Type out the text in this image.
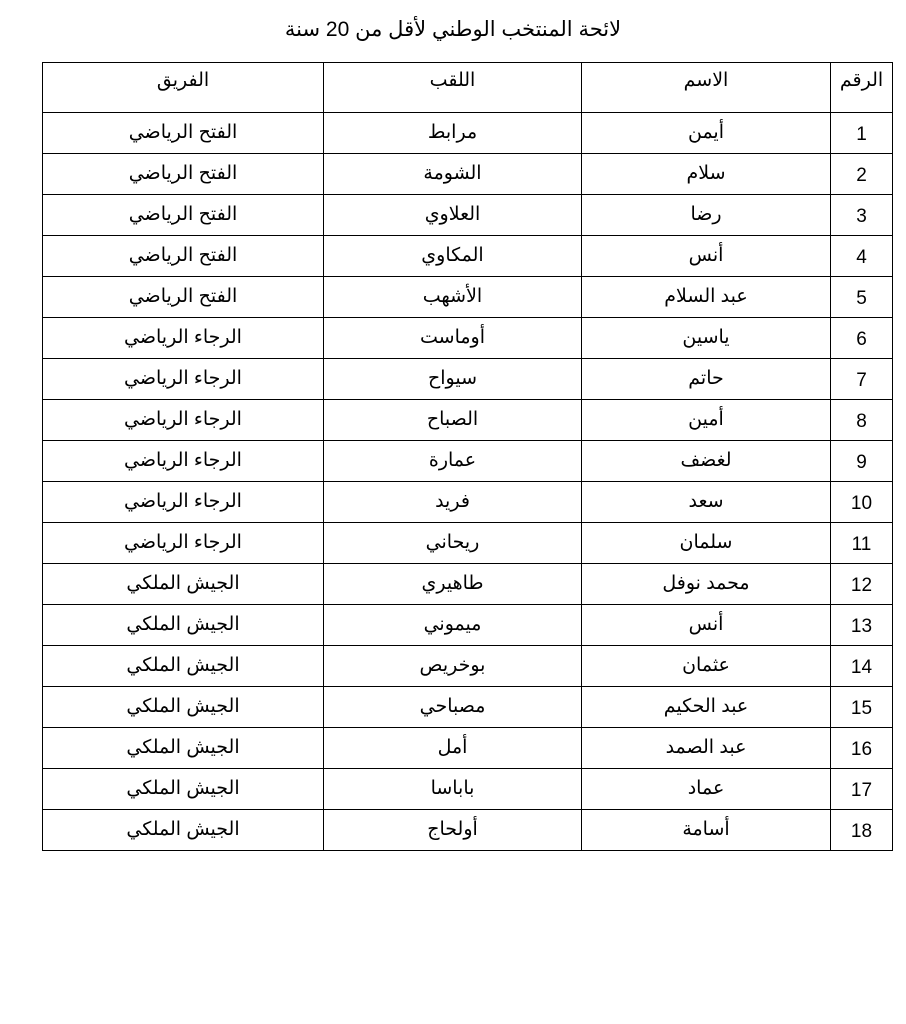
لائحة المنتخب الوطني لأقل من 20 سنة
الرقم	الاسم	اللقب	الفريق
1	أيمن	مرابط	الفتح الرياضي
2	سلام	الشومة	الفتح الرياضي
3	رضا	العلاوي	الفتح الرياضي
4	أنس	المكاوي	الفتح الرياضي
5	عبد السلام	الأشهب	الفتح الرياضي
6	ياسين	أوماست	الرجاء الرياضي
7	حاتم	سيواح	الرجاء الرياضي
8	أمين	الصباح	الرجاء الرياضي
9	لغضف	عمارة	الرجاء الرياضي
10	سعد	فريد	الرجاء الرياضي
11	سلمان	ريحاني	الرجاء الرياضي
12	محمد نوفل	طاهيري	الجيش الملكي
13	أنس	ميموني	الجيش الملكي
14	عثمان	بوخريص	الجيش الملكي
15	عبد الحكيم	مصباحي	الجيش الملكي
16	عبد الصمد	أمل	الجيش الملكي
17	عماد	باباسا	الجيش الملكي
18	أسامة	أولحاج	الجيش الملكي
